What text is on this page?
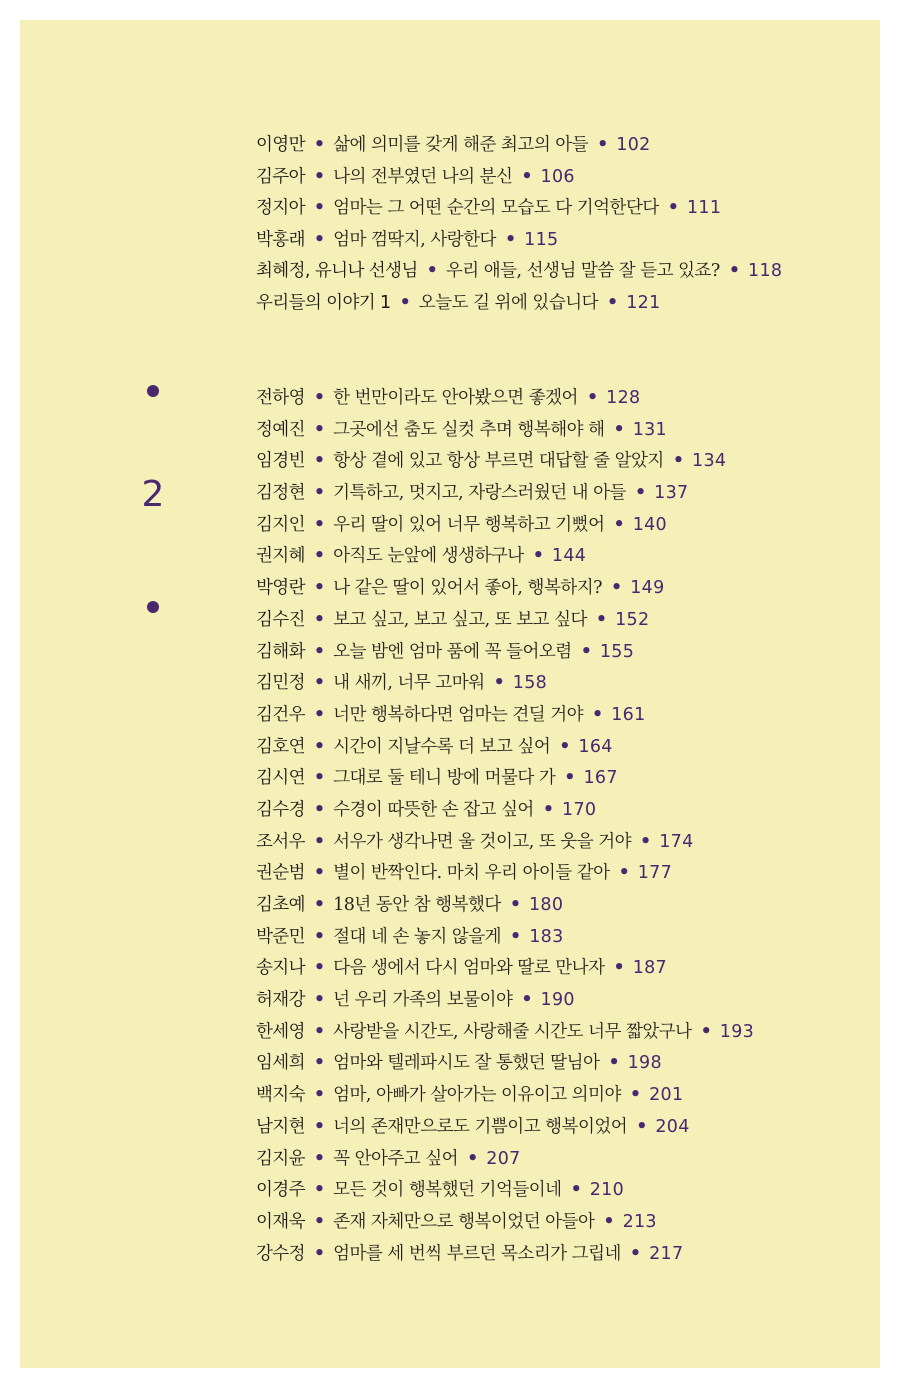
2
이영만 • 삶에 의미를 갖게 해준 최고의 아들 • 102
김주아 • 나의 전부였던 나의 분신 • 106
정지아 • 엄마는 그 어떤 순간의 모습도 다 기억한단다 • 111
박홍래 • 엄마 껌딱지, 사랑한다 • 115
최혜정, 유니나 선생님 • 우리 애들, 선생님 말씀 잘 듣고 있죠? • 118
우리들의 이야기 1 • 오늘도 길 위에 있습니다 • 121
전하영 • 한 번만이라도 안아봤으면 좋겠어 • 128
정예진 • 그곳에선 춤도 실컷 추며 행복해야 해 • 131
임경빈 • 항상 곁에 있고 항상 부르면 대답할 줄 알았지 • 134
김정현 • 기특하고, 멋지고, 자랑스러웠던 내 아들 • 137
김지인 • 우리 딸이 있어 너무 행복하고 기뻤어 • 140
권지혜 • 아직도 눈앞에 생생하구나 • 144
박영란 • 나 같은 딸이 있어서 좋아, 행복하지? • 149
김수진 • 보고 싶고, 보고 싶고, 또 보고 싶다 • 152
김해화 • 오늘 밤엔 엄마 품에 꼭 들어오렴 • 155
김민정 • 내 새끼, 너무 고마워 • 158
김건우 • 너만 행복하다면 엄마는 견딜 거야 • 161
김호연 • 시간이 지날수록 더 보고 싶어 • 164
김시연 • 그대로 둘 테니 방에 머물다 가 • 167
김수경 • 수경이 따뜻한 손 잡고 싶어 • 170
조서우 • 서우가 생각나면 울 것이고, 또 웃을 거야 • 174
권순범 • 별이 반짝인다. 마치 우리 아이들 같아 • 177
김초예 • 18년 동안 참 행복했다 • 180
박준민 • 절대 네 손 놓지 않을게 • 183
송지나 • 다음 생에서 다시 엄마와 딸로 만나자 • 187
허재강 • 넌 우리 가족의 보물이야 • 190
한세영 • 사랑받을 시간도, 사랑해줄 시간도 너무 짧았구나 • 193
임세희 • 엄마와 텔레파시도 잘 통했던 딸님아 • 198
백지숙 • 엄마, 아빠가 살아가는 이유이고 의미야 • 201
남지현 • 너의 존재만으로도 기쁨이고 행복이었어 • 204
김지윤 • 꼭 안아주고 싶어 • 207
이경주 • 모든 것이 행복했던 기억들이네 • 210
이재욱 • 존재 자체만으로 행복이었던 아들아 • 213
강수정 • 엄마를 세 번씩 부르던 목소리가 그립네 • 217
